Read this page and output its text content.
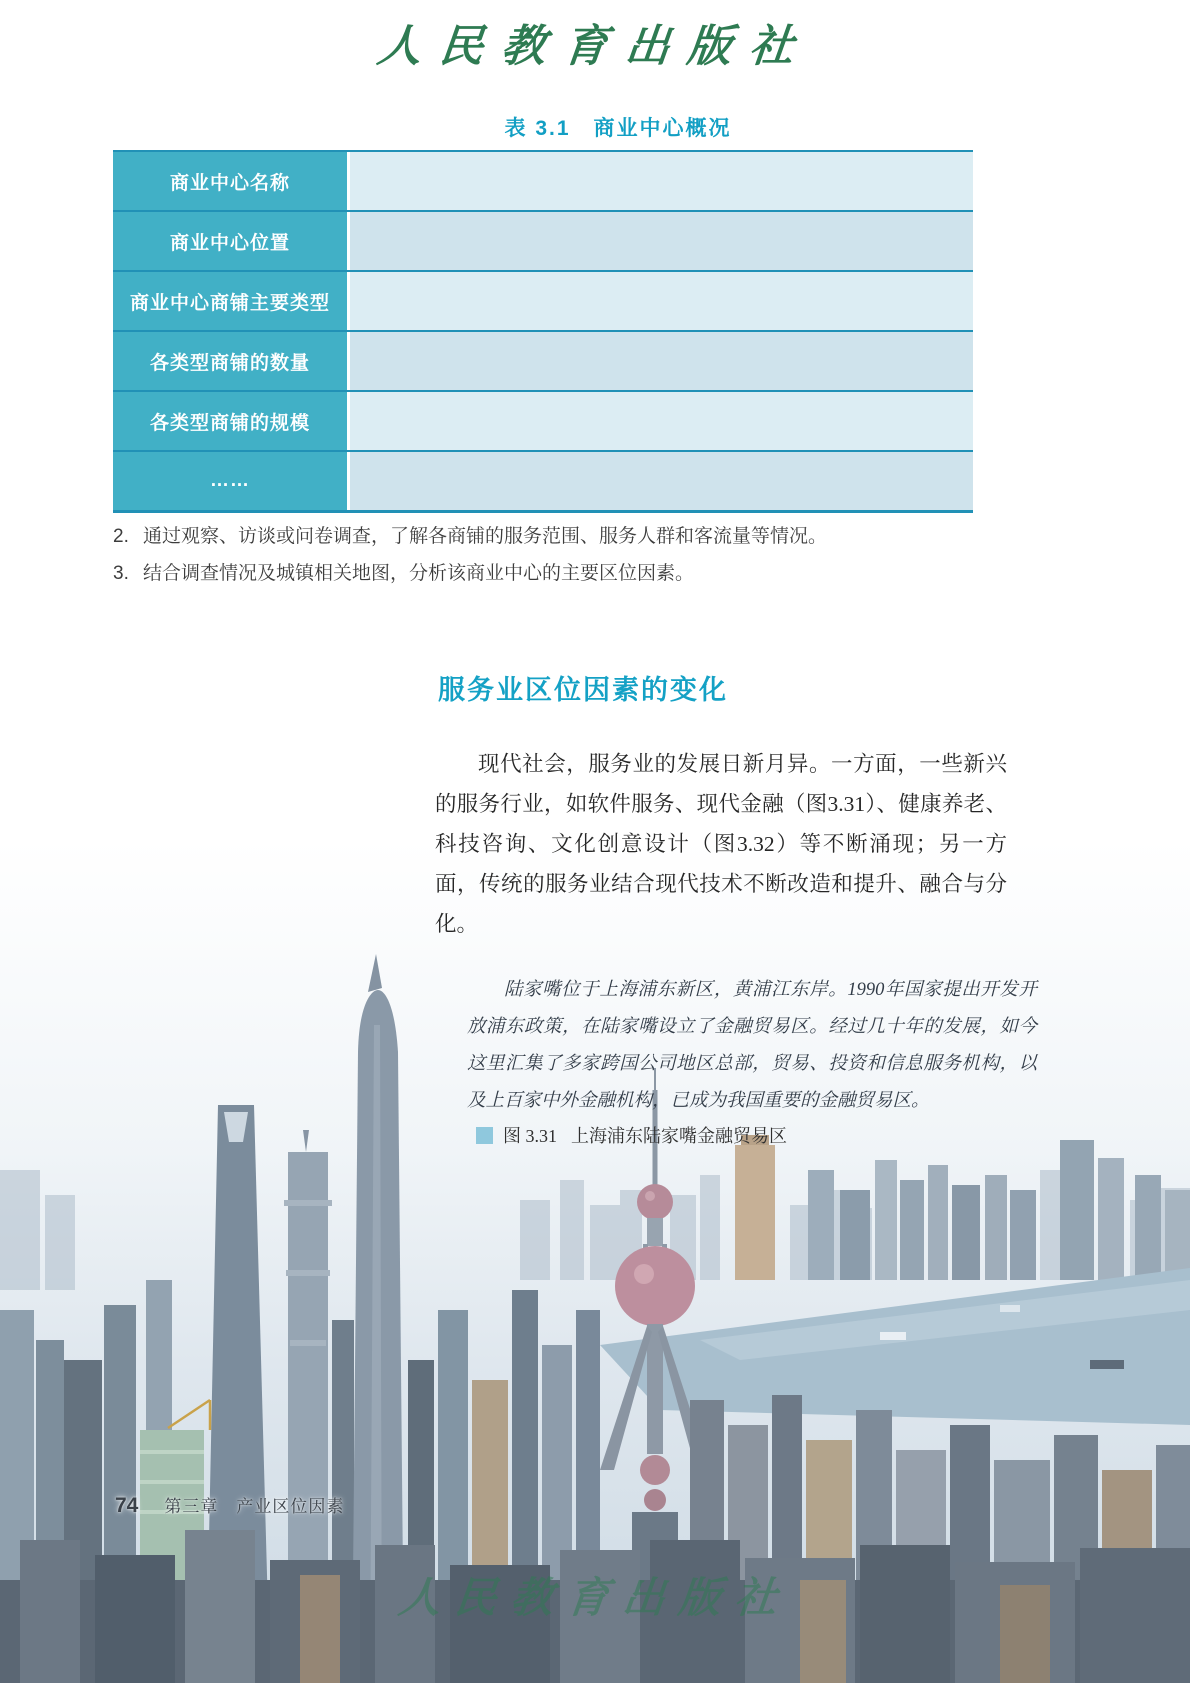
人民教育出版社
表 3.1　商业中心概况
商业中心名称
商业中心位置
商业中心商铺主要类型
各类型商铺的数量
各类型商铺的规模
……
2. 通过观察、访谈或问卷调查，了解各商铺的服务范围、服务人群和客流量等情况。
3. 结合调查情况及城镇相关地图，分析该商业中心的主要区位因素。
服务业区位因素的变化
现代社会，服务业的发展日新月异。一方面，一些新兴的服务行业，如软件服务、现代金融（图3.31）、健康养老、科技咨询、文化创意设计（图3.32）等不断涌现；另一方面，传统的服务业结合现代技术不断改造和提升、融合与分化。
陆家嘴位于上海浦东新区，黄浦江东岸。1990年国家提出开发开放浦东政策，在陆家嘴设立了金融贸易区。经过几十年的发展，如今这里汇集了多家跨国公司地区总部，贸易、投资和信息服务机构，以及上百家中外金融机构，已成为我国重要的金融贸易区。
图 3.31 上海浦东陆家嘴金融贸易区
74 第三章　产业区位因素
人民教育出版社
